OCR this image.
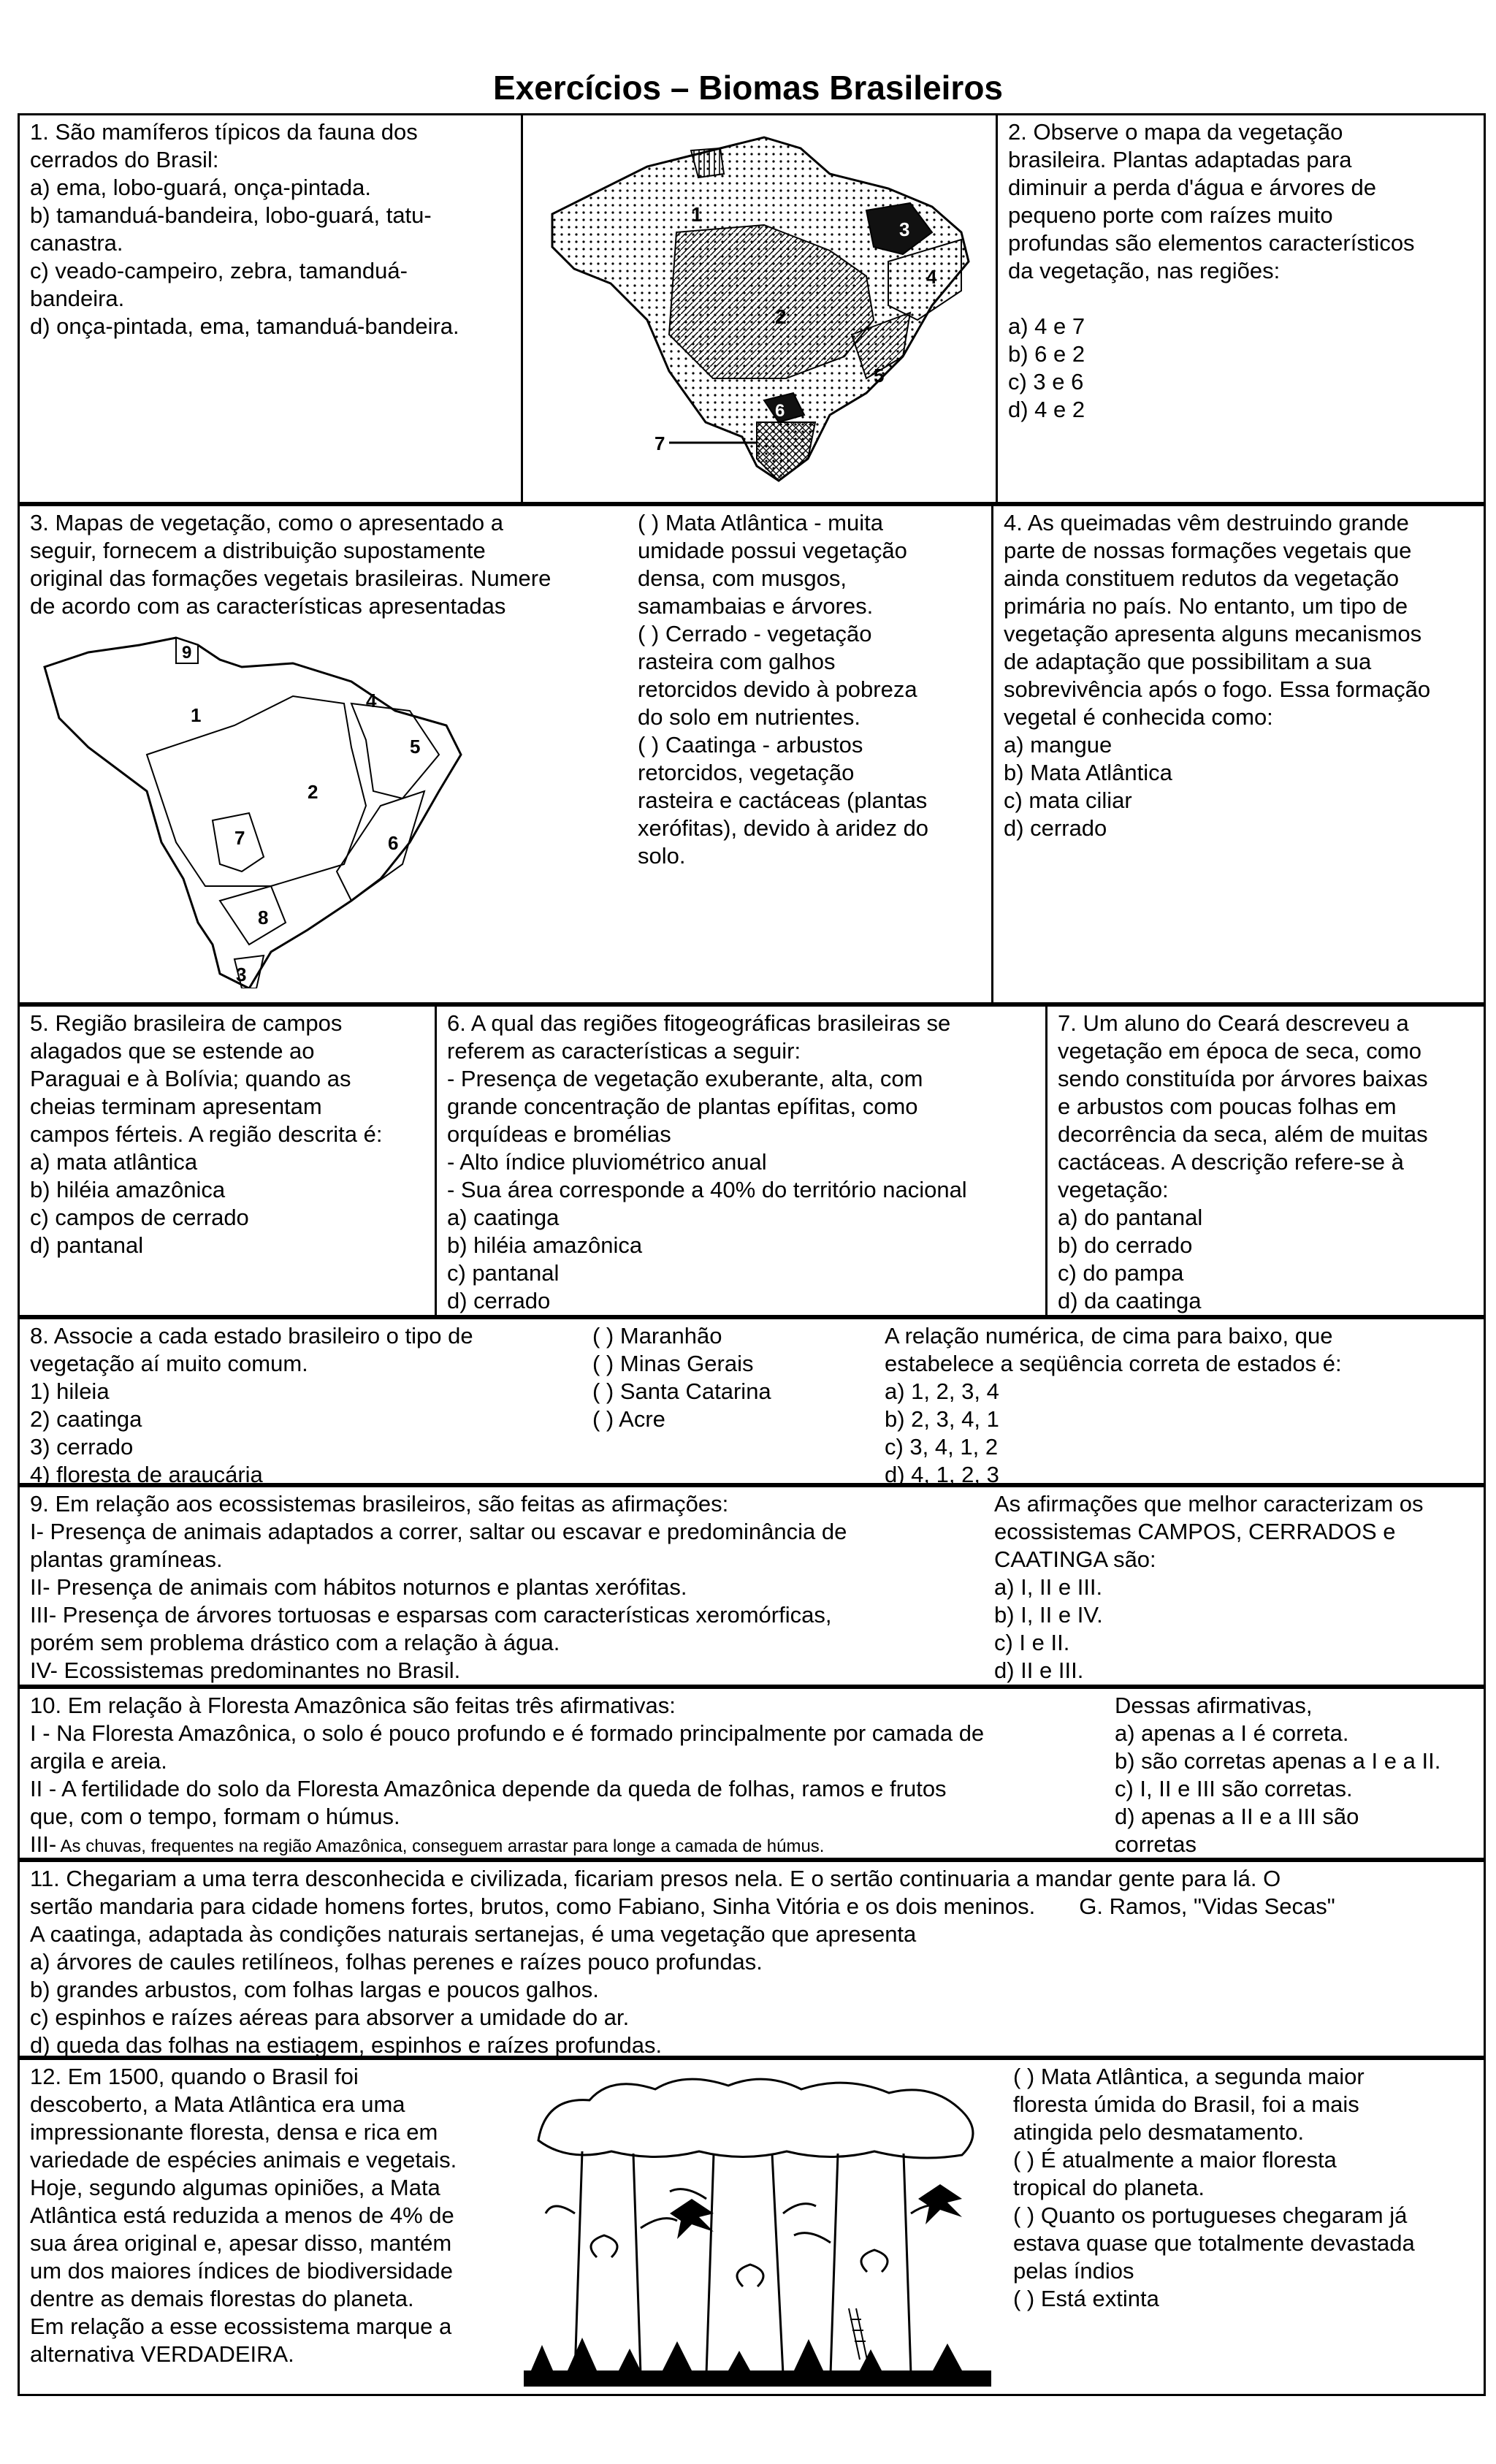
Exercícios – Biomas Brasileiros

1. São mamíferos típicos da fauna dos

cerrados do Brasil:

a) ema, lobo-guará, onça-pintada.

b) tamanduá-bandeira, lobo-guará, tatu-

canastra.

c) veado-campeiro, zebra, tamanduá-

bandeira.

d) onça-pintada, ema, tamanduá-bandeira.

1
2
3
4
5
6
7

2. Observe o mapa da vegetação

brasileira. Plantas adaptadas para

diminuir a perda d'água e árvores de

pequeno porte com raízes muito

profundas são elementos característicos

da vegetação, nas regiões:

a) 4 e 7

b) 6 e 2

c) 3 e 6

d) 4 e 2

3. Mapas de vegetação, como o apresentado a

seguir, fornecem a distribuição supostamente

original das formações vegetais brasileiras. Numere

de acordo com as características apresentadas

9
1
4
5
2
7	6
8
3

( ) Mata Atlântica - muita

umidade possui vegetação

densa, com musgos,

samambaias e árvores.

( ) Cerrado - vegetação

rasteira com galhos

retorcidos devido à pobreza

do solo em nutrientes.

( ) Caatinga - arbustos

retorcidos, vegetação

rasteira e cactáceas (plantas

xerófitas), devido à aridez do

solo.

4. As queimadas vêm destruindo grande

parte de nossas formações vegetais que

ainda constituem redutos da vegetação

primária no país. No entanto, um tipo de

vegetação apresenta alguns mecanismos

de adaptação que possibilitam a sua

sobrevivência após o fogo. Essa formação

vegetal é conhecida como:

a) mangue

b) Mata Atlântica

c) mata ciliar

d) cerrado

5. Região brasileira de campos

alagados que se estende ao

Paraguai e à Bolívia; quando as

cheias terminam apresentam

campos férteis. A região descrita é:

a) mata atlântica

b) hiléia amazônica

c) campos de cerrado

d) pantanal

6. A qual das regiões fitogeográficas brasileiras se

referem as características a seguir:

- Presença de vegetação exuberante, alta, com

grande concentração de plantas epífitas, como

orquídeas e bromélias

- Alto índice pluviométrico anual

- Sua área corresponde a 40% do território nacional

a) caatinga

b) hiléia amazônica

c) pantanal

d) cerrado

7. Um aluno do Ceará descreveu a

vegetação em época de seca, como

sendo constituída por árvores baixas

e arbustos com poucas folhas em

decorrência da seca, além de muitas

cactáceas. A descrição refere-se à

vegetação:

a) do pantanal

b) do cerrado

c) do pampa

d) da caatinga

8. Associe a cada estado brasileiro o tipo de

vegetação aí muito comum.

1) hileia

2) caatinga

3) cerrado

4) floresta de araucária

( ) Maranhão

( ) Minas Gerais

( ) Santa Catarina

( ) Acre

A relação numérica, de cima para baixo, que

estabelece a seqüência correta de estados é:

a) 1, 2, 3, 4

b) 2, 3, 4, 1

c) 3, 4, 1, 2

d) 4, 1, 2, 3

9. Em relação aos ecossistemas brasileiros, são feitas as afirmações:

I- Presença de animais adaptados a correr, saltar ou escavar e predominância de

plantas gramíneas.

II- Presença de animais com hábitos noturnos e plantas xerófitas.

III- Presença de árvores tortuosas e esparsas com características xeromórficas,

porém sem problema drástico com a relação à água.

IV- Ecossistemas predominantes no Brasil.

As afirmações que melhor caracterizam os

ecossistemas CAMPOS, CERRADOS e

CAATINGA são:

a) I, II e III.

b) I, II e IV.

c) I e II.

d) II e III.

10. Em relação à Floresta Amazônica são feitas três afirmativas:

I - Na Floresta Amazônica, o solo é pouco profundo e é formado principalmente por camada de

argila e areia.

II - A fertilidade do solo da Floresta Amazônica depende da queda de folhas, ramos e frutos

que, com o tempo, formam o húmus.

III- As chuvas, frequentes na região Amazônica, conseguem arrastar para longe a camada de húmus.

Dessas afirmativas,

a) apenas a I é correta.

b) são corretas apenas a I e a II.

c) I, II e III são corretas.

d) apenas a II e a III são

corretas

11. Chegariam a uma terra desconhecida e civilizada, ficariam presos nela. E o sertão continuaria a mandar gente para lá. O

sertão mandaria para cidade homens fortes, brutos, como Fabiano, Sinha Vitória e os dois meninos. G. Ramos, "Vidas Secas"

A caatinga, adaptada às condições naturais sertanejas, é uma vegetação que apresenta

a) árvores de caules retilíneos, folhas perenes e raízes pouco profundas.

b) grandes arbustos, com folhas largas e poucos galhos.

c) espinhos e raízes aéreas para absorver a umidade do ar.

d) queda das folhas na estiagem, espinhos e raízes profundas.

12. Em 1500, quando o Brasil foi

descoberto, a Mata Atlântica era uma

impressionante floresta, densa e rica em

variedade de espécies animais e vegetais.

Hoje, segundo algumas opiniões, a Mata

Atlântica está reduzida a menos de 4% de

sua área original e, apesar disso, mantém

um dos maiores índices de biodiversidade

dentre as demais florestas do planeta.

Em relação a esse ecossistema marque a

alternativa VERDADEIRA.

( ) Mata Atlântica, a segunda maior

floresta úmida do Brasil, foi a mais

atingida pelo desmatamento.

( ) É atualmente a maior floresta

tropical do planeta.

( ) Quanto os portugueses chegaram já

estava quase que totalmente devastada

pelas índios

( ) Está extinta
